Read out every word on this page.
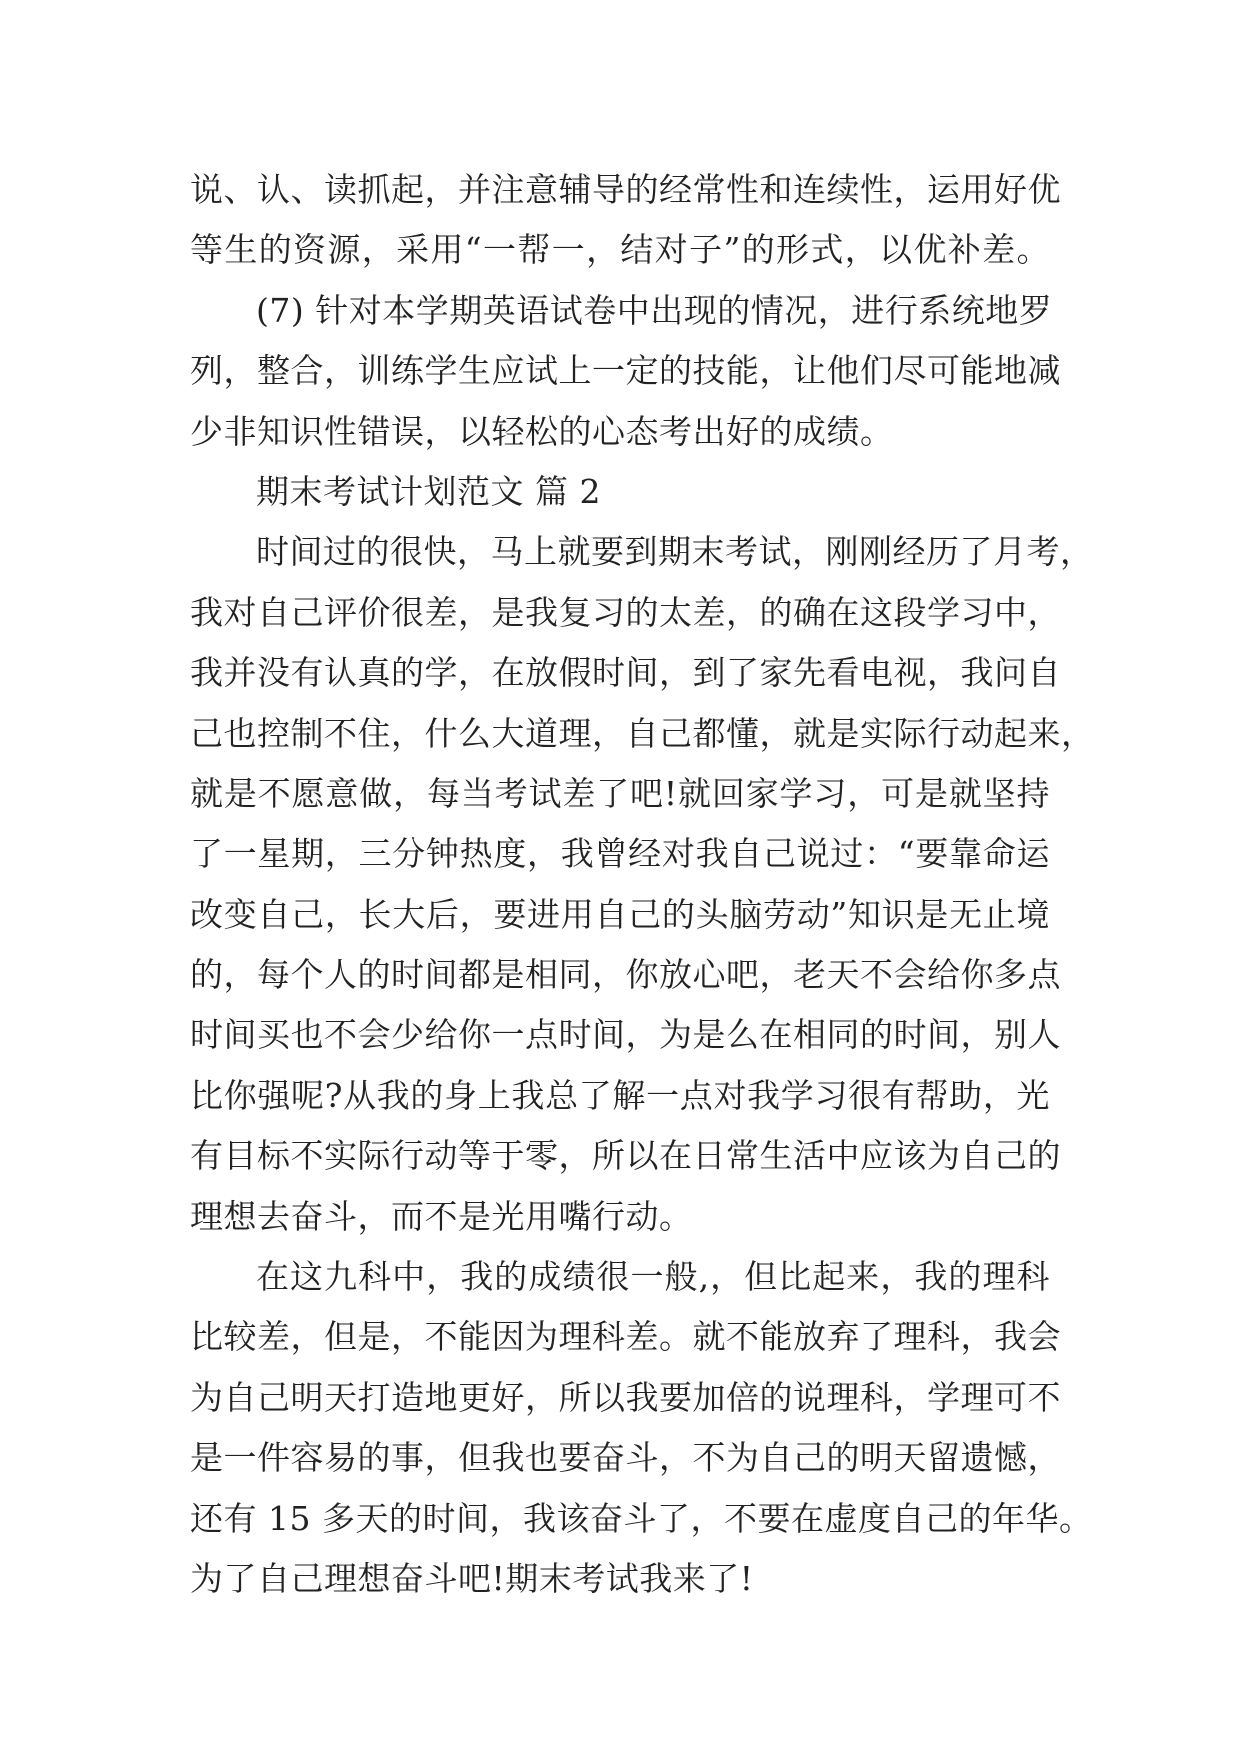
说、认、读抓起，并注意辅导的经常性和连续性，运用好优
等生的资源，采用“一帮一，结对子”的形式，以优补差。
(7) 针对本学期英语试卷中出现的情况，进行系统地罗
列，整合，训练学生应试上一定的技能，让他们尽可能地减
少非知识性错误，以轻松的心态考出好的成绩。
期末考试计划范文 篇 2
时间过的很快，马上就要到期末考试，刚刚经历了月考，
我对自己评价很差，是我复习的太差，的确在这段学习中，
我并没有认真的学，在放假时间，到了家先看电视，我问自
己也控制不住，什么大道理，自己都懂，就是实际行动起来，
就是不愿意做，每当考试差了吧!就回家学习，可是就坚持
了一星期，三分钟热度，我曾经对我自己说过：“要靠命运
改变自己，长大后，要进用自己的头脑劳动”知识是无止境
的，每个人的时间都是相同，你放心吧，老天不会给你多点
时间买也不会少给你一点时间，为是么在相同的时间，别人
比你强呢?从我的身上我总了解一点对我学习很有帮助，光
有目标不实际行动等于零，所以在日常生活中应该为自己的
理想去奋斗，而不是光用嘴行动。
在这九科中，我的成绩很一般,，但比起来，我的理科
比较差，但是，不能因为理科差。就不能放弃了理科，我会
为自己明天打造地更好，所以我要加倍的说理科，学理可不
是一件容易的事，但我也要奋斗，不为自己的明天留遗憾，
还有 15 多天的时间，我该奋斗了，不要在虚度自己的年华。
为了自己理想奋斗吧!期末考试我来了!
